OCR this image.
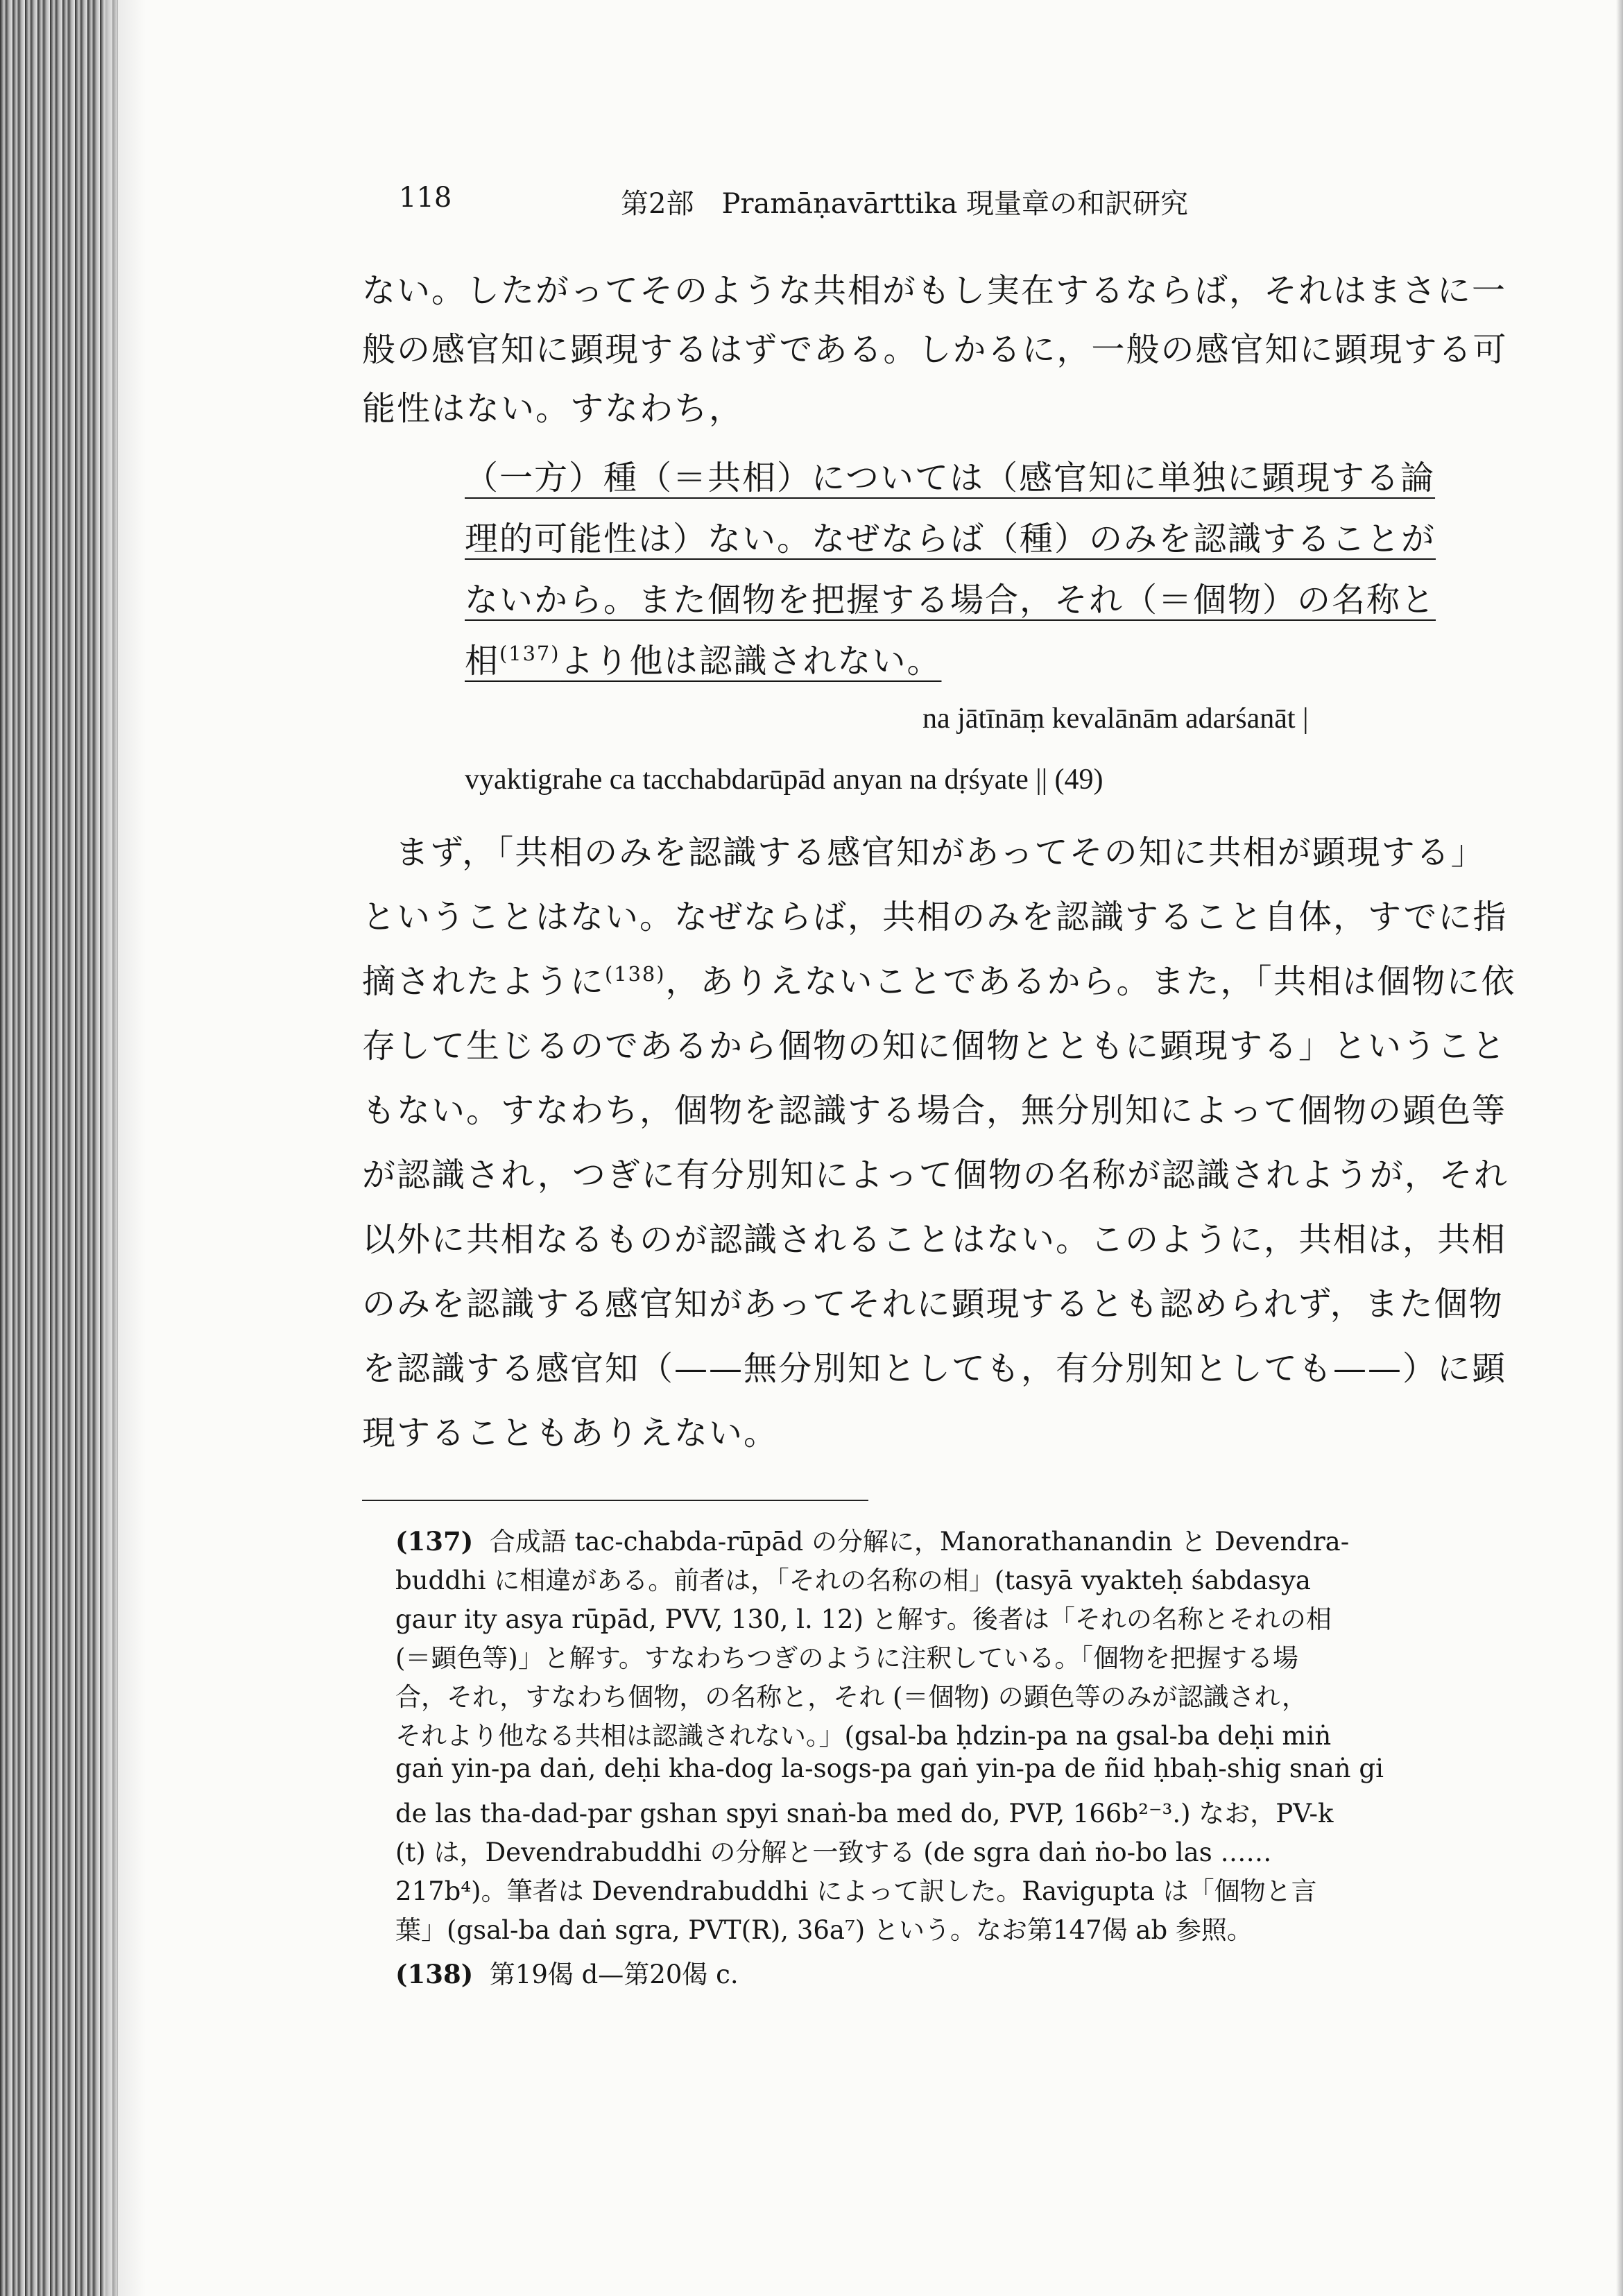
118	第2部　Pramāṇavārttika 現量章の和訳研究
ない。したがってそのような共相がもし実在するならば，それはまさに一
般の感官知に顕現するはずである。しかるに，一般の感官知に顕現する可
能性はない。すなわち，
（一方）種（＝共相）については（感官知に単独に顕現する論
理的可能性は）ない。なぜならば（種）のみを認識することが
ないから。また個物を把握する場合，それ（＝個物）の名称と
相$^{(137)}$より他は認識されない。
na jātīnāṃ kevalānām adarśanāt |
vyaktigrahe ca tacchabdarūpād anyan na dṛśyate || (49)
まず，「共相のみを認識する感官知があってその知に共相が顕現する」
ということはない。なぜならば，共相のみを認識すること自体，すでに指
摘されたように$^{(138)}$，ありえないことであるから。また，「共相は個物に依
存して生じるのであるから個物の知に個物とともに顕現する」ということ
もない。すなわち，個物を認識する場合，無分別知によって個物の顕色等
が認識され，つぎに有分別知によって個物の名称が認識されようが，それ
以外に共相なるものが認識されることはない。このように，共相は，共相
のみを認識する感官知があってそれに顕現するとも認められず，また個物
を認識する感官知（——無分別知としても，有分別知としても——）に顕
現することもありえない。
(137) 合成語 tac-chabda-rūpād の分解に，Manorathanandin と Devendra-
buddhi に相違がある。前者は，「それの名称の相」(tasyā vyakteḥ śabdasya
gaur ity asya rūpād, PVV, 130, l. 12) と解す。後者は「それの名称とそれの相
(＝顕色等)」と解す。すなわちつぎのように注釈している。「個物を把握する場
合，それ，すなわち個物，の名称と，それ (＝個物) の顕色等のみが認識され，
それより他なる共相は認識されない。」(gsal-ba ḥdzin-pa na gsal-ba deḥi miṅ
gaṅ yin-pa daṅ, deḥi kha-dog la-sogs-pa gaṅ yin-pa de ñid ḥbaḥ-shig snaṅ gi
de las tha-dad-par gshan spyi snaṅ-ba med do, PVP, 166b²⁻³.) なお，PV-k
(t) は，Devendrabuddhi の分解と一致する (de sgra daṅ ṅo-bo las ……
217b⁴)。筆者は Devendrabuddhi によって訳した。Ravigupta は「個物と言
葉」(gsal-ba daṅ sgra, PVT(R), 36a⁷) という。なお第147偈 ab 参照。
(138) 第19偈 d—第20偈 c.
